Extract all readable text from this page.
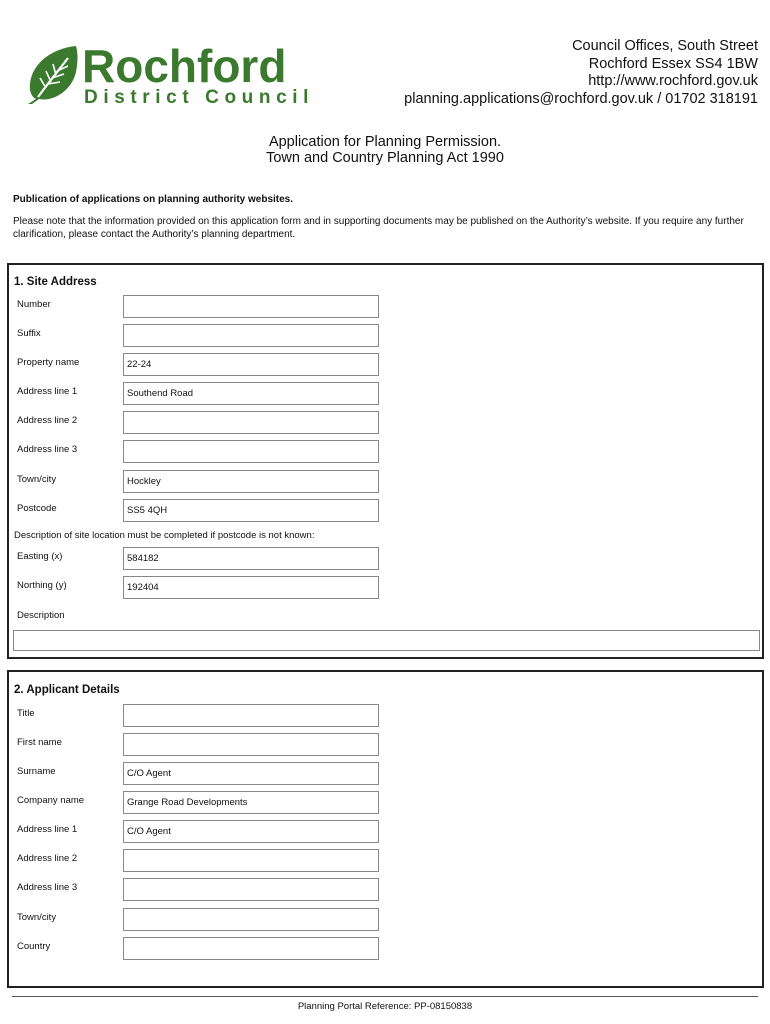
Rochford
District Council
Council Offices, South Street
Rochford Essex SS4 1BW
http://www.rochford.gov.uk
planning.applications@rochford.gov.uk / 01702 318191
Application for Planning Permission.
Town and Country Planning Act 1990
Publication of applications on planning authority websites.
Please note that the information provided on this application form and in supporting documents may be published on the Authority’s website. If you require any further clarification, please contact the Authority’s planning department.
1. Site Address
Number
Suffix
Property name	22-24
Address line 1	Southend Road
Address line 2
Address line 3
Town/city	Hockley
Postcode	SS5 4QH
Description of site location must be completed if postcode is not known:
Easting (x)	584182
Northing (y)	192404
Description
2. Applicant Details
Title
First name
Surname	C/O Agent
Company name	Grange Road Developments
Address line 1	C/O Agent
Address line 2
Address line 3
Town/city
Country
Planning Portal Reference: PP-08150838
